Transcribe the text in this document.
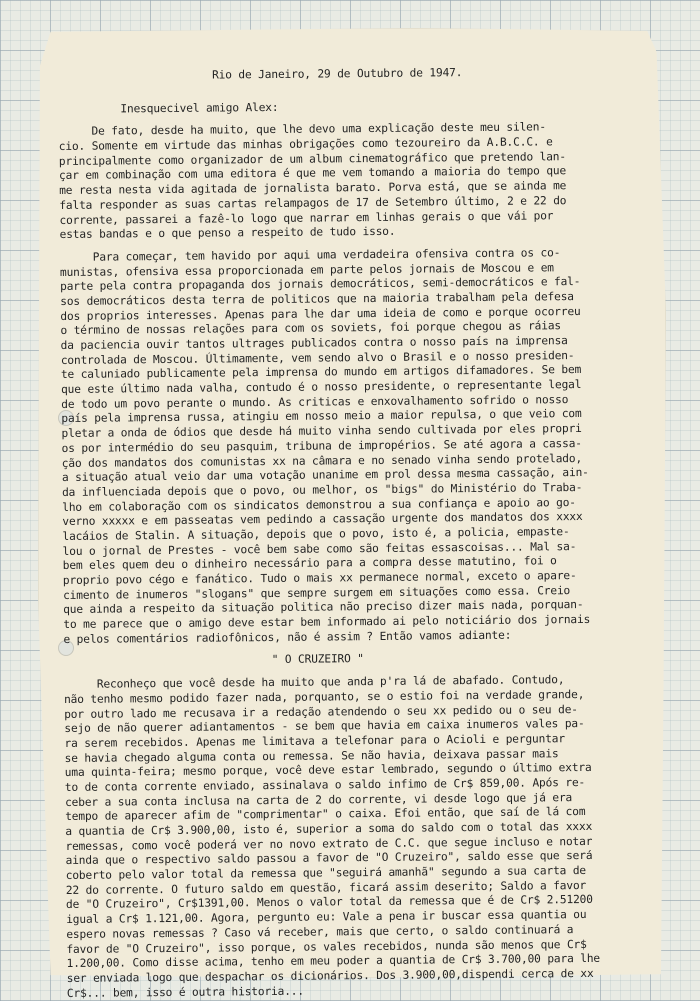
Rio de Janeiro, 29 de Outubro de 1947.
Inesquecivel amigo Alex:
De fato, desde ha muito, que lhe devo uma explicação deste meu silen-
cio. Somente em virtude das minhas obrigações como tezoureiro da A.B.C.C. e
principalmente como organizador de um album cinematográfico que pretendo lan-
çar em combinação com uma editora é que me vem tomando a maioria do tempo que
me resta nesta vida agitada de jornalista barato. Porva está, que se ainda me
falta responder as suas cartas relampagos de 17 de Setembro último, 2 e 22 do
corrente, passarei a fazê-lo logo que narrar em linhas gerais o que vái por
estas bandas e o que penso a respeito de tudo isso.
Para começar, tem havido por aqui uma verdadeira ofensiva contra os co-
munistas, ofensiva essa proporcionada em parte pelos jornais de Moscou e em
parte pela contra propaganda dos jornais democráticos, semi-democráticos e fal-
sos democráticos desta terra de politicos que na maioria trabalham pela defesa
dos proprios interesses. Apenas para lhe dar uma ideia de como e porque ocorreu
o término de nossas relações para com os soviets, foi porque chegou as ráias
da paciencia ouvir tantos ultrages publicados contra o nosso país na imprensa
controlada de Moscou. Últimamente, vem sendo alvo o Brasil e o nosso presiden-
te caluniado publicamente pela imprensa do mundo em artigos difamadores. Se bem
que este último nada valha, contudo é o nosso presidente, o representante legal
de todo um povo perante o mundo. As criticas e enxovalhamento sofrido o nosso
país pela imprensa russa, atingiu em nosso meio a maior repulsa, o que veio com
pletar a onda de ódios que desde há muito vinha sendo cultivada por eles propri
os por intermédio do seu pasquim, tribuna de impropérios. Se até agora a cassa-
ção dos mandatos dos comunistas xx na câmara e no senado vinha sendo protelado,
a situação atual veio dar uma votação unanime em prol dessa mesma cassação, ain-
da influenciada depois que o povo, ou melhor, os "bigs" do Ministério do Traba-
lho em colaboração com os sindicatos demonstrou a sua confiança e apoio ao go-
verno xxxxx e em passeatas vem pedindo a cassação urgente dos mandatos dos xxxx
lacáios de Stalin. A situação, depois que o povo, isto é, a policia, empaste-
lou o jornal de Prestes - você bem sabe como são feitas essascoisas... Mal sa-
bem eles quem deu o dinheiro necessário para a compra desse matutino, foi o
proprio povo cégo e fanático. Tudo o mais xx permanece normal, exceto o apare-
cimento de inumeros "slogans" que sempre surgem em situações como essa. Creio
que ainda a respeito da situação politica não preciso dizer mais nada, porquan-
to me parece que o amigo deve estar bem informado ai pelo noticiário dos jornais
e pelos comentários radiofônicos, não é assim ? Então vamos adiante:
" O CRUZEIRO "
Reconheço que você desde ha muito que anda p'ra lá de abafado. Contudo,
não tenho mesmo podido fazer nada, porquanto, se o estio foi na verdade grande,
por outro lado me recusava ir a redação atendendo o seu xx pedido ou o seu de-
sejo de não querer adiantamentos - se bem que havia em caixa inumeros vales pa-
ra serem recebidos. Apenas me limitava a telefonar para o Acioli e perguntar
se havia chegado alguma conta ou remessa. Se não havia, deixava passar mais
uma quinta-feira; mesmo porque, você deve estar lembrado, segundo o último extra
to de conta corrente enviado, assinalava o saldo infimo de Cr$ 859,00. Após re-
ceber a sua conta inclusa na carta de 2 do corrente, vi desde logo que já era
tempo de aparecer afim de "comprimentar" o caixa. Efoi então, que saí de lá com
a quantia de Cr$ 3.900,00, isto é, superior a soma do saldo com o total das xxxx
remessas, como você poderá ver no novo extrato de C.C. que segue incluso e notar
ainda que o respectivo saldo passou a favor de "O Cruzeiro", saldo esse que será
coberto pelo valor total da remessa que "seguirá amanhã" segundo a sua carta de
22 do corrente. O futuro saldo em questão, ficará assim deserito; Saldo a favor
de "O Cruzeiro", Cr$1391,00. Menos o valor total da remessa que é de Cr$ 2.51200
igual a Cr$ 1.121,00. Agora, pergunto eu: Vale a pena ir buscar essa quantia ou
espero novas remessas ? Caso vá receber, mais que certo, o saldo continuará a
favor de "O Cruzeiro", isso porque, os vales recebidos, nunda são menos que Cr$
1.200,00. Como disse acima, tenho em meu poder a quantia de Cr$ 3.700,00 para lhe
ser enviada logo que despachar os dicionários. Dos 3.900,00,dispendi cerca de xx
Cr$... bem, isso é outra historia...
